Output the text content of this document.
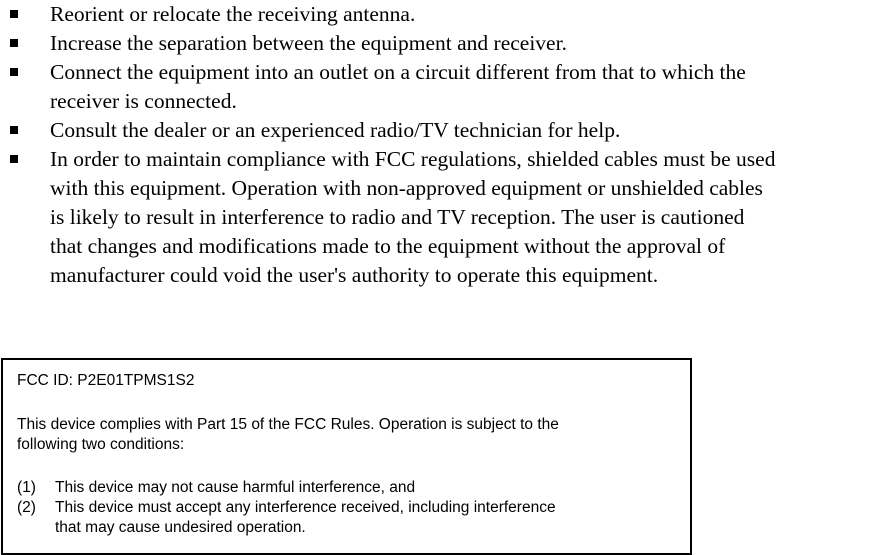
Reorient or relocate the receiving antenna.
Increase the separation between the equipment and receiver.
Connect the equipment into an outlet on a circuit different from that to which the
receiver is connected.
Consult the dealer or an experienced radio/TV technician for help.
In order to maintain compliance with FCC regulations, shielded cables must be used
with this equipment. Operation with non-approved equipment or unshielded cables
is likely to result in interference to radio and TV reception. The user is cautioned
that changes and modifications made to the equipment without the approval of
manufacturer could void the user's authority to operate this equipment.
FCC ID: P2E01TPMS1S2
This device complies with Part 15 of the FCC Rules. Operation is subject to the
following two conditions:
(1) This device may not cause harmful interference, and
(2) This device must accept any interference received, including interference
that may cause undesired operation.
